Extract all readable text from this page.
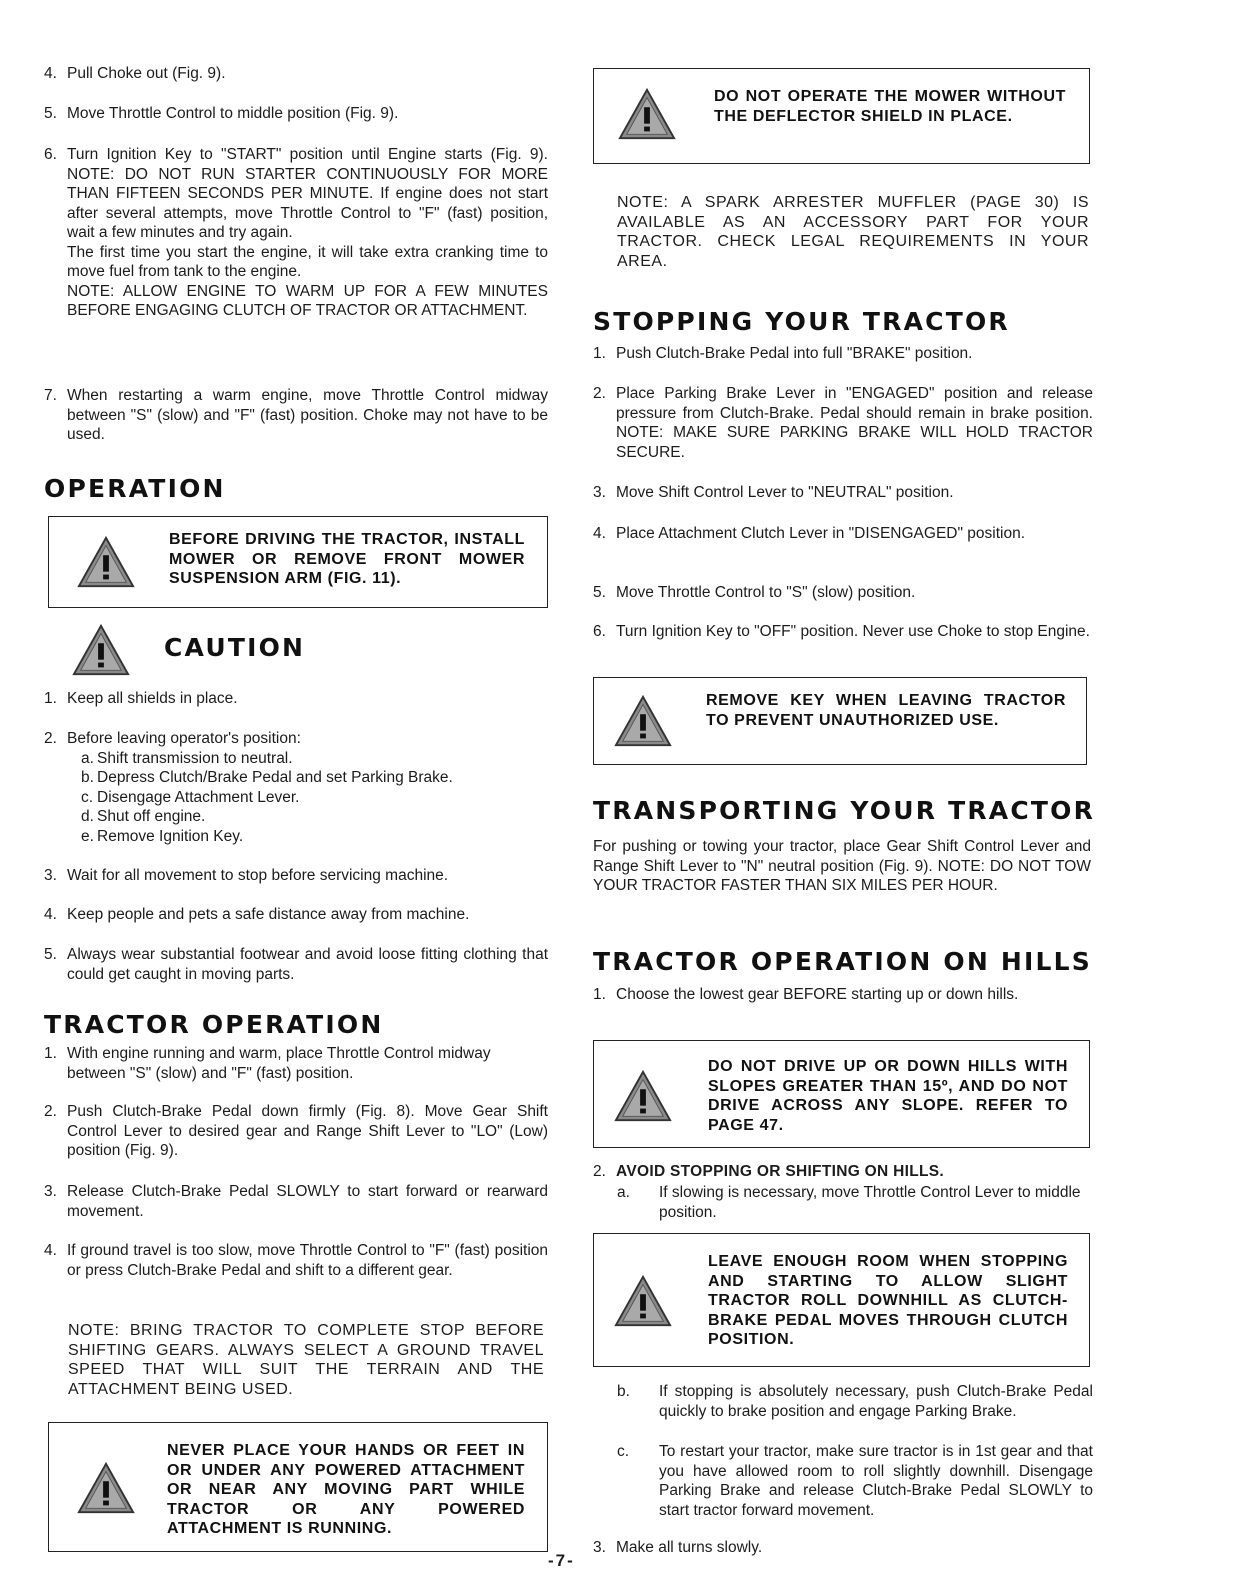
4. Pull Choke out (Fig. 9).
5. Move Throttle Control to middle position (Fig. 9).
6. Turn Ignition Key to "START" position until Engine starts (Fig. 9). NOTE: DO NOT RUN STARTER CONTINUOUSLY FOR MORE THAN FIFTEEN SECONDS PER MINUTE. If engine does not start after several attempts, move Throttle Control to "F" (fast) position, wait a few minutes and try again.
The first time you start the engine, it will take extra cranking time to move fuel from tank to the engine.
NOTE: ALLOW ENGINE TO WARM UP FOR A FEW MINUTES BEFORE ENGAGING CLUTCH OF TRACTOR OR ATTACHMENT.
7. When restarting a warm engine, move Throttle Control midway between "S" (slow) and "F" (fast) position. Choke may not have to be used.
OPERATION
BEFORE DRIVING THE TRACTOR, INSTALL MOWER OR REMOVE FRONT MOWER SUSPENSION ARM (FIG. 11).
CAUTION
1. Keep all shields in place.
2. Before leaving operator's position:
a. Shift transmission to neutral.
b. Depress Clutch/Brake Pedal and set Parking Brake.
c. Disengage Attachment Lever.
d. Shut off engine.
e. Remove Ignition Key.
3. Wait for all movement to stop before servicing machine.
4. Keep people and pets a safe distance away from machine.
5. Always wear substantial footwear and avoid loose fitting clothing that could get caught in moving parts.
TRACTOR OPERATION
1. With engine running and warm, place Throttle Control midway between "S" (slow) and "F" (fast) position.
2. Push Clutch-Brake Pedal down firmly (Fig. 8). Move Gear Shift Control Lever to desired gear and Range Shift Lever to "LO" (Low) position (Fig. 9).
3. Release Clutch-Brake Pedal SLOWLY to start forward or rearward movement.
4. If ground travel is too slow, move Throttle Control to "F" (fast) position or press Clutch-Brake Pedal and shift to a different gear.
NOTE: BRING TRACTOR TO COMPLETE STOP BEFORE SHIFTING GEARS. ALWAYS SELECT A GROUND TRAVEL SPEED THAT WILL SUIT THE TERRAIN AND THE ATTACHMENT BEING USED.
NEVER PLACE YOUR HANDS OR FEET IN OR UNDER ANY POWERED ATTACHMENT OR NEAR ANY MOVING PART WHILE TRACTOR OR ANY POWERED ATTACHMENT IS RUNNING.
DO NOT OPERATE THE MOWER WITHOUT THE DEFLECTOR SHIELD IN PLACE.
NOTE: A SPARK ARRESTER MUFFLER (PAGE 30) IS AVAILABLE AS AN ACCESSORY PART FOR YOUR TRACTOR. CHECK LEGAL REQUIREMENTS IN YOUR AREA.
STOPPING YOUR TRACTOR
1. Push Clutch-Brake Pedal into full "BRAKE" position.
2. Place Parking Brake Lever in "ENGAGED" position and release pressure from Clutch-Brake. Pedal should remain in brake position. NOTE: MAKE SURE PARKING BRAKE WILL HOLD TRACTOR SECURE.
3. Move Shift Control Lever to "NEUTRAL" position.
4. Place Attachment Clutch Lever in "DISENGAGED" position.
5. Move Throttle Control to "S" (slow) position.
6. Turn Ignition Key to "OFF" position. Never use Choke to stop Engine.
REMOVE KEY WHEN LEAVING TRACTOR TO PREVENT UNAUTHORIZED USE.
TRANSPORTING YOUR TRACTOR
For pushing or towing your tractor, place Gear Shift Control Lever and Range Shift Lever to "N" neutral position (Fig. 9). NOTE: DO NOT TOW YOUR TRACTOR FASTER THAN SIX MILES PER HOUR.
TRACTOR OPERATION ON HILLS
1. Choose the lowest gear BEFORE starting up or down hills.
DO NOT DRIVE UP OR DOWN HILLS WITH SLOPES GREATER THAN 15º, AND DO NOT DRIVE ACROSS ANY SLOPE. REFER TO PAGE 47.
2. AVOID STOPPING OR SHIFTING ON HILLS.
a. If slowing is necessary, move Throttle Control Lever to middle position.
LEAVE ENOUGH ROOM WHEN STOPPING AND STARTING TO ALLOW SLIGHT TRACTOR ROLL DOWNHILL AS CLUTCH-BRAKE PEDAL MOVES THROUGH CLUTCH POSITION.
b. If stopping is absolutely necessary, push Clutch-Brake Pedal quickly to brake position and engage Parking Brake.
c. To restart your tractor, make sure tractor is in 1st gear and that you have allowed room to roll slightly downhill. Disengage Parking Brake and release Clutch-Brake Pedal SLOWLY to start tractor forward movement.
3. Make all turns slowly.
-7-
